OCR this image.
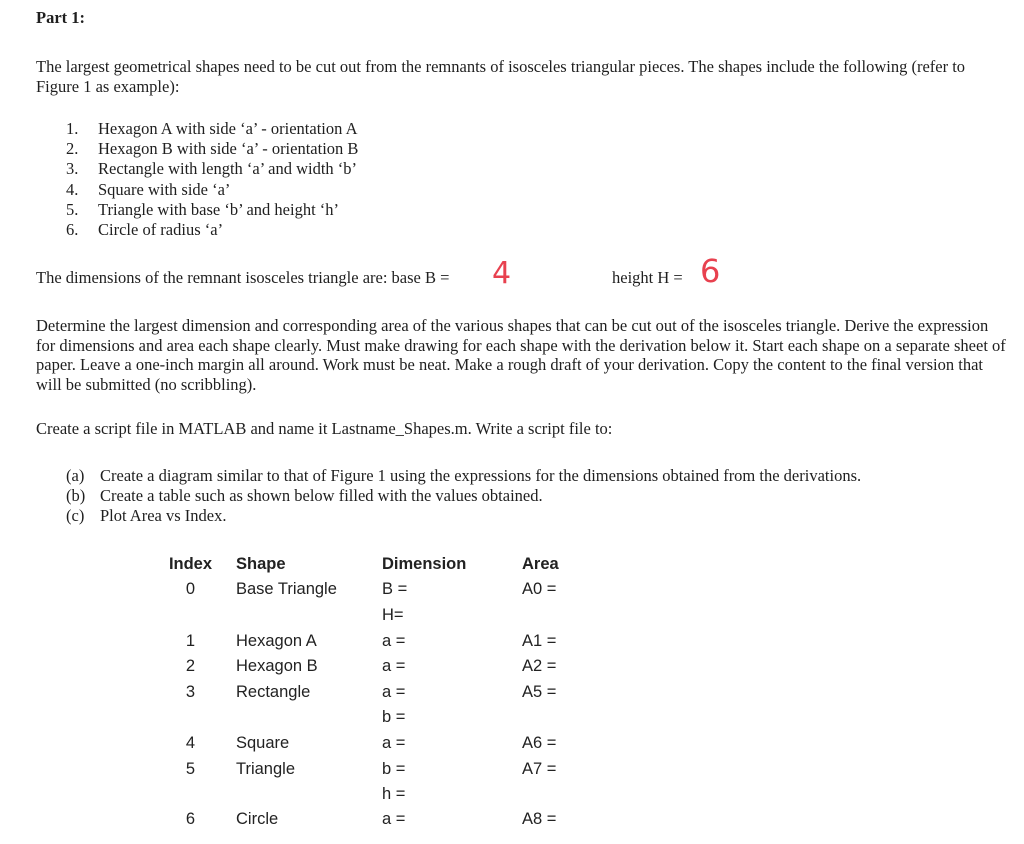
Part 1:
The largest geometrical shapes need to be cut out from the remnants of isosceles triangular pieces. The shapes include the following (refer to Figure 1 as example):
1.	Hexagon A with side ‘a’ - orientation A
2.	Hexagon B with side ‘a’ - orientation B
3.	Rectangle with length ‘a’ and width ‘b’
4.	Square with side ‘a’
5.	Triangle with base ‘b’ and height ‘h’
6.	Circle of radius ‘a’
The dimensions of the remnant isosceles triangle are: base B = 4	height H = 6
Determine the largest dimension and corresponding area of the various shapes that can be cut out of the isosceles triangle. Derive the expression for dimensions and area each shape clearly. Must make drawing for each shape with the derivation below it. Start each shape on a separate sheet of paper. Leave a one-inch margin all around. Work must be neat. Make a rough draft of your derivation. Copy the content to the final version that will be submitted (no scribbling).
Create a script file in MATLAB and name it Lastname_Shapes.m. Write a script file to:
(a) Create a diagram similar to that of Figure 1 using the expressions for the dimensions obtained from the derivations.
(b) Create a table such as shown below filled with the values obtained.
(c) Plot Area vs Index.
Index Shape	Dimension	Area
0	Base Triangle	B =	A0 =
H=
1	Hexagon A	a =	A1 =
2	Hexagon B	a =	A2 =
3	Rectangle	a =	A5 =
b =
4	Square	a =	A6 =
5	Triangle	b =	A7 =
h =
6	Circle	a =	A8 =
